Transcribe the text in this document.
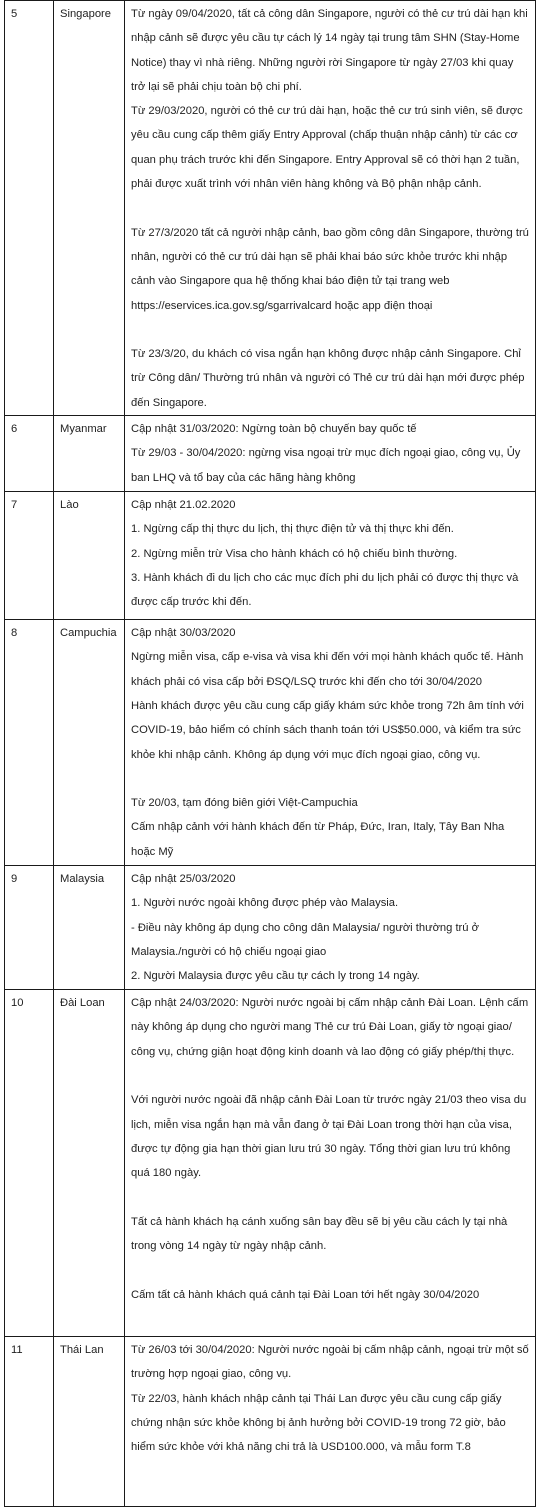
5	Singapore	Từ ngày 09/04/2020, tất cả công dân Singapore, người có thẻ cư trú dài hạn khi nhập cảnh sẽ được yêu cầu tự cách lý 14 ngày tại trung tâm SHN (Stay-Home Notice) thay vì nhà riêng. Những người rời Singapore từ ngày 27/03 khi quay trở lại sẽ phải chịu toàn bộ chi phí.

Từ 29/03/2020, người có thẻ cư trú dài hạn, hoặc thẻ cư trú sinh viên, sẽ được yêu cầu cung cấp thêm giấy Entry Approval (chấp thuận nhập cảnh) từ các cơ quan phụ trách trước khi đến Singapore. Entry Approval sẽ có thời hạn 2 tuần, phải được xuất trình với nhân viên hàng không và Bộ phận nhập cảnh.

Từ 27/3/2020 tất cả người nhập cảnh, bao gồm công dân Singapore, thường trú nhân, người có thẻ cư trú dài hạn sẽ phải khai báo sức khỏe trước khi nhập cảnh vào Singapore qua hệ thống khai báo điện tử tại trang web https://eservices.ica.gov.sg/sgarrivalcard hoặc app điện thoại

Từ 23/3/20, du khách có visa ngắn hạn không được nhập cảnh Singapore. Chỉ trừ Công dân/ Thường trú nhân và người có Thẻ cư trú dài hạn mới được phép đến Singapore.

6	Myanmar	Cập nhật 31/03/2020: Ngừng toàn bộ chuyến bay quốc tế

Từ 29/03 - 30/04/2020: ngừng visa ngoại trừ mục đích ngoại giao, công vụ, Ủy ban LHQ và tổ bay của các hãng hàng không

7	Lào	Cập nhật 21.02.2020

1. Ngừng cấp thị thực du lịch, thị thực điện tử và thị thực khi đến.

2. Ngừng miễn trừ Visa cho hành khách có hộ chiếu bình thường.

3. Hành khách đi du lịch cho các mục đích phi du lịch phải có được thị thực và được cấp trước khi đến.

8	Campuchia	Cập nhật 30/03/2020

Ngừng miễn visa, cấp e-visa và visa khi đến với mọi hành khách quốc tế. Hành khách phải có visa cấp bởi ĐSQ/LSQ trước khi đến cho tới 30/04/2020

Hành khách được yêu cầu cung cấp giấy khám sức khỏe trong 72h âm tính với COVID-19, bảo hiểm có chính sách thanh toán tới US$50.000, và kiểm tra sức khỏe khi nhập cảnh. Không áp dụng với mục đích ngoại giao, công vụ.

Từ 20/03, tạm đóng biên giới Việt-Campuchia

Cấm nhập cảnh với hành khách đến từ Pháp, Đức, Iran, Italy, Tây Ban Nha hoặc Mỹ

9	Malaysia	Cập nhật 25/03/2020

1. Người nước ngoài không được phép vào Malaysia.

- Điều này không áp dụng cho công dân Malaysia/ người thường trú ở Malaysia./người có hộ chiếu ngoại giao

2. Người Malaysia được yêu cầu tự cách ly trong 14 ngày.

10	Đài Loan	Cập nhật 24/03/2020: Người nước ngoài bị cấm nhập cảnh Đài Loan. Lệnh cấm này không áp dụng cho người mang Thẻ cư trú Đài Loan, giấy tờ ngoại giao/ công vụ, chứng giận hoạt động kinh doanh và lao động có giấy phép/thị thực.

Với người nước ngoài đã nhập cảnh Đài Loan từ trước ngày 21/03 theo visa du lịch, miễn visa ngắn hạn mà vẫn đang ở tại Đài Loan trong thời hạn của visa, được tự động gia hạn thời gian lưu trú 30 ngày. Tổng thời gian lưu trú không quá 180 ngày.

Tất cả hành khách hạ cánh xuống sân bay đều sẽ bị yêu cầu cách ly tại nhà trong vòng 14 ngày từ ngày nhập cảnh.

Cấm tất cả hành khách quá cảnh tại Đài Loan tới hết ngày 30/04/2020

11	Thái Lan	Từ 26/03 tới 30/04/2020: Người nước ngoài bị cấm nhập cảnh, ngoại trừ một số trường hợp ngoại giao, công vụ.

Từ 22/03, hành khách nhập cảnh tại Thái Lan được yêu cầu cung cấp giấy chứng nhận sức khỏe không bị ảnh hưởng bởi COVID-19 trong 72 giờ, bảo hiểm sức khỏe với khả năng chi trả là USD100.000, và mẫu form T.8
